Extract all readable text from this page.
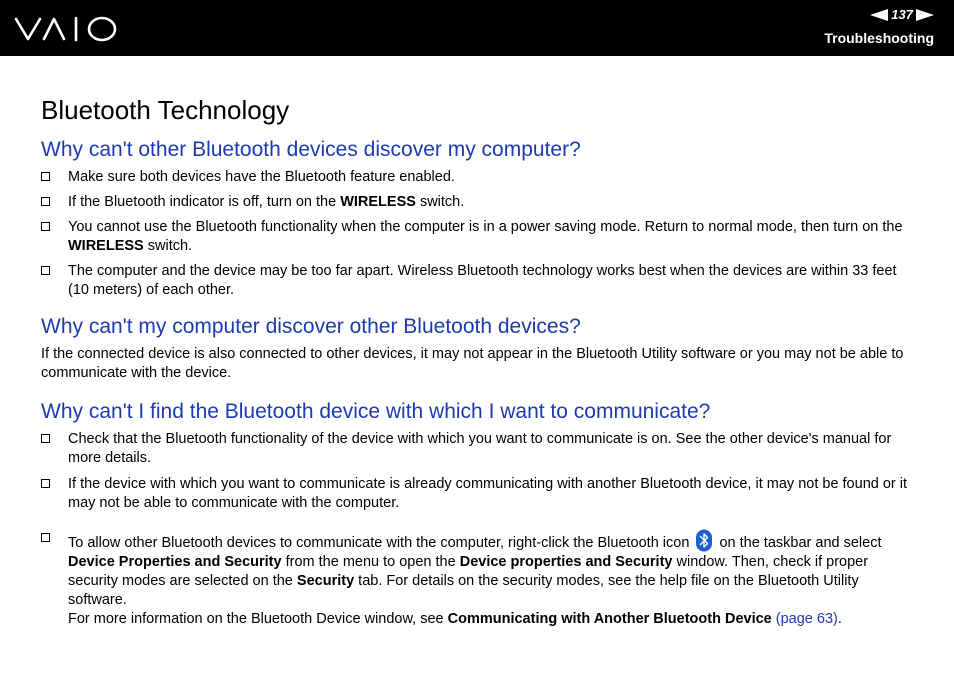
137
Troubleshooting
Bluetooth Technology
Why can't other Bluetooth devices discover my computer?
Make sure both devices have the Bluetooth feature enabled.
If the Bluetooth indicator is off, turn on the WIRELESS switch.
You cannot use the Bluetooth functionality when the computer is in a power saving mode. Return to normal mode, then turn on the WIRELESS switch.
The computer and the device may be too far apart. Wireless Bluetooth technology works best when the devices are within 33 feet (10 meters) of each other.
Why can't my computer discover other Bluetooth devices?

If the connected device is also connected to other devices, it may not appear in the Bluetooth Utility software or you may not be able to communicate with the device.

Why can't I find the Bluetooth device with which I want to communicate?
Check that the Bluetooth functionality of the device with which you want to communicate is on. See the other device's manual for more details.
If the device with which you want to communicate is already communicating with another Bluetooth device, it may not be found or it may not be able to communicate with the computer.
To allow other Bluetooth devices to communicate with the computer, right-click the Bluetooth icon on the taskbar and select Device Properties and Security from the menu to open the Device properties and Security window. Then, check if proper security modes are selected on the Security tab. For details on the security modes, see the help file on the Bluetooth Utility software.
For more information on the Bluetooth Device window, see Communicating with Another Bluetooth Device (page 63).
